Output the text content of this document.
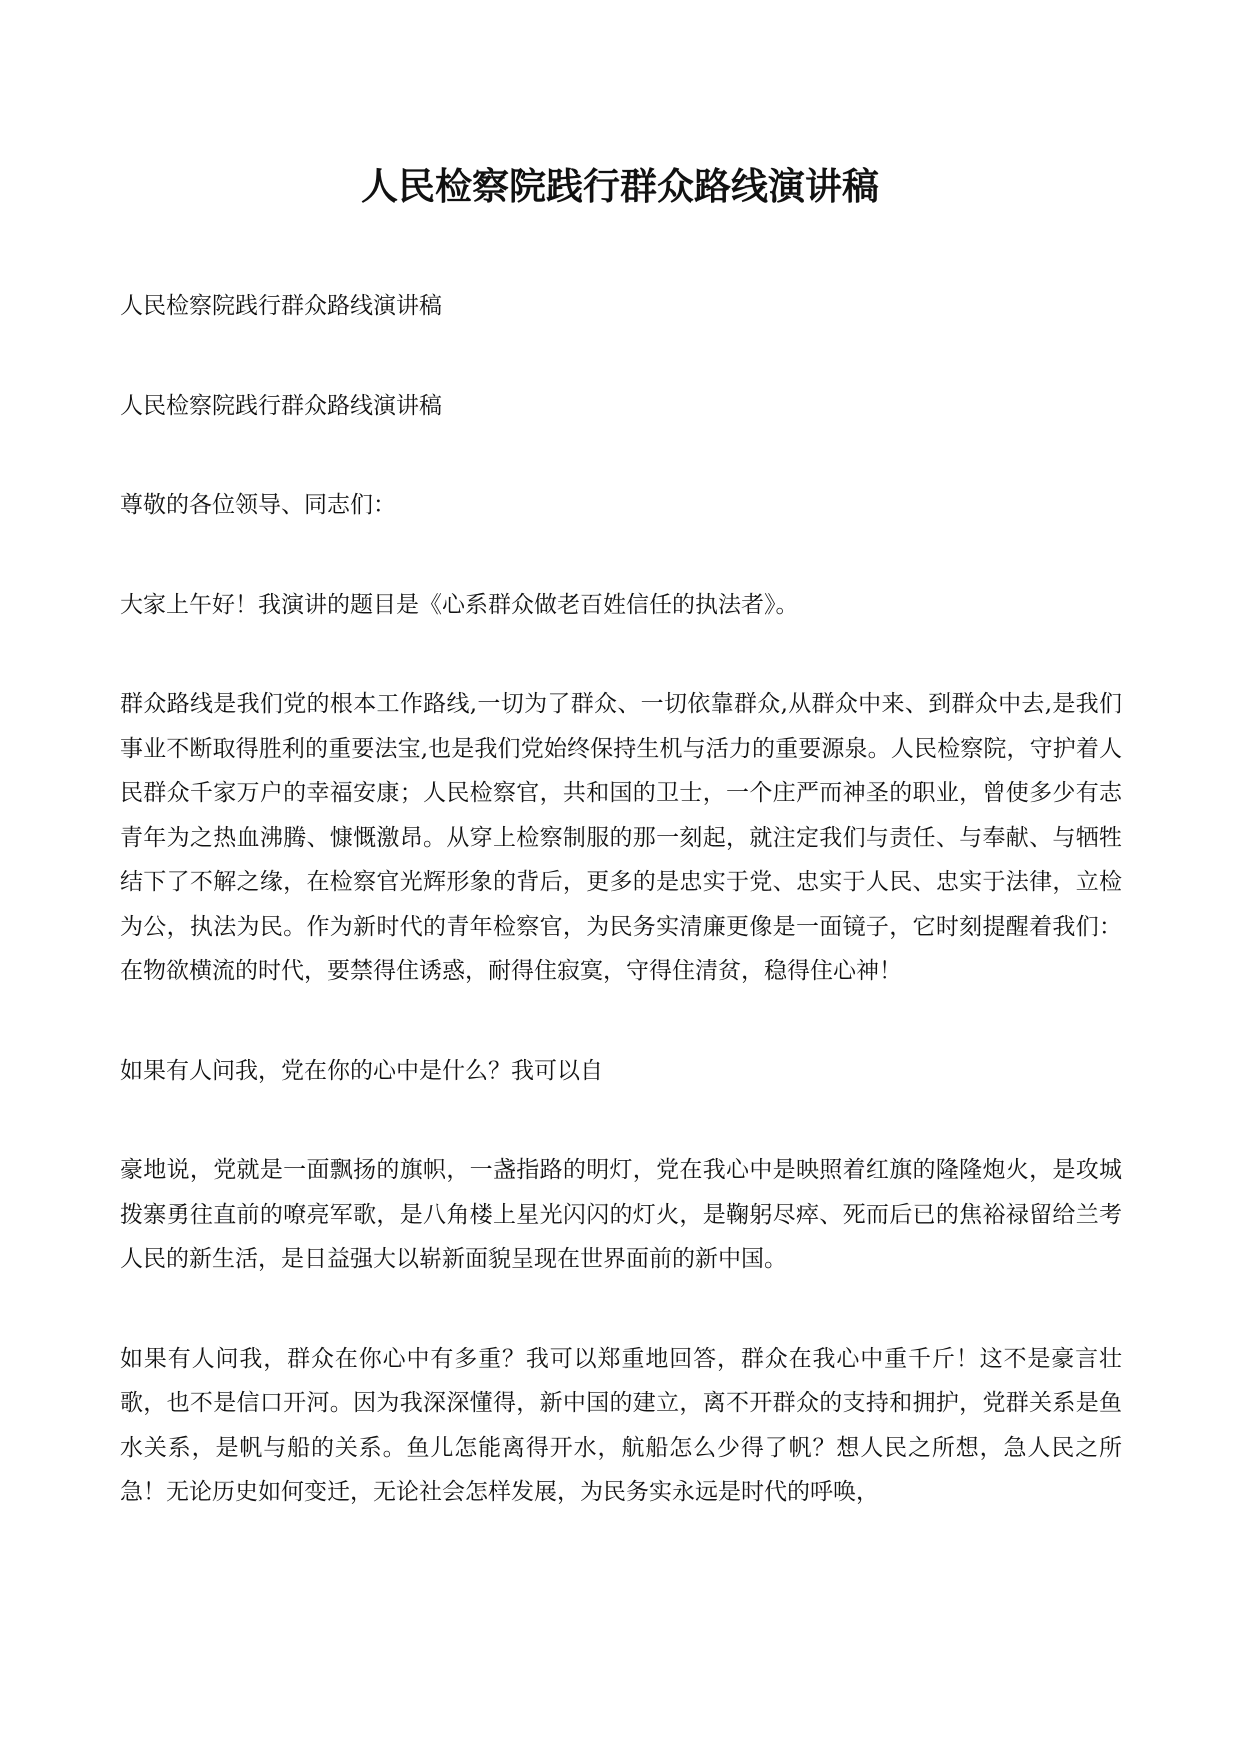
人民检察院践行群众路线演讲稿

人民检察院践行群众路线演讲稿

人民检察院践行群众路线演讲稿

尊敬的各位领导、同志们：

大家上午好！我演讲的题目是《心系群众做老百姓信任的执法者》。

群众路线是我们党的根本工作路线,一切为了群众、一切依靠群众,从群众中来、到群众中去,是我们事业不断取得胜利的重要法宝,也是我们党始终保持生机与活力的重要源泉。人民检察院，守护着人民群众千家万户的幸福安康；人民检察官，共和国的卫士，一个庄严而神圣的职业，曾使多少有志青年为之热血沸腾、慷慨激昂。从穿上检察制服的那一刻起，就注定我们与责任、与奉献、与牺牲结下了不解之缘，在检察官光辉形象的背后，更多的是忠实于党、忠实于人民、忠实于法律，立检为公，执法为民。作为新时代的青年检察官，为民务实清廉更像是一面镜子，它时刻提醒着我们：在物欲横流的时代，要禁得住诱惑，耐得住寂寞，守得住清贫，稳得住心神！

如果有人问我，党在你的心中是什么？我可以自

豪地说，党就是一面飘扬的旗帜，一盏指路的明灯，党在我心中是映照着红旗的隆隆炮火，是攻城拨寨勇往直前的嘹亮军歌，是八角楼上星光闪闪的灯火，是鞠躬尽瘁、死而后已的焦裕禄留给兰考人民的新生活，是日益强大以崭新面貌呈现在世界面前的新中国。

如果有人问我，群众在你心中有多重？我可以郑重地回答，群众在我心中重千斤！这不是豪言壮歌，也不是信口开河。因为我深深懂得，新中国的建立，离不开群众的支持和拥护，党群关系是鱼水关系，是帆与船的关系。鱼儿怎能离得开水，航船怎么少得了帆？想人民之所想，急人民之所急！无论历史如何变迁，无论社会怎样发展，为民务实永远是时代的呼唤，
